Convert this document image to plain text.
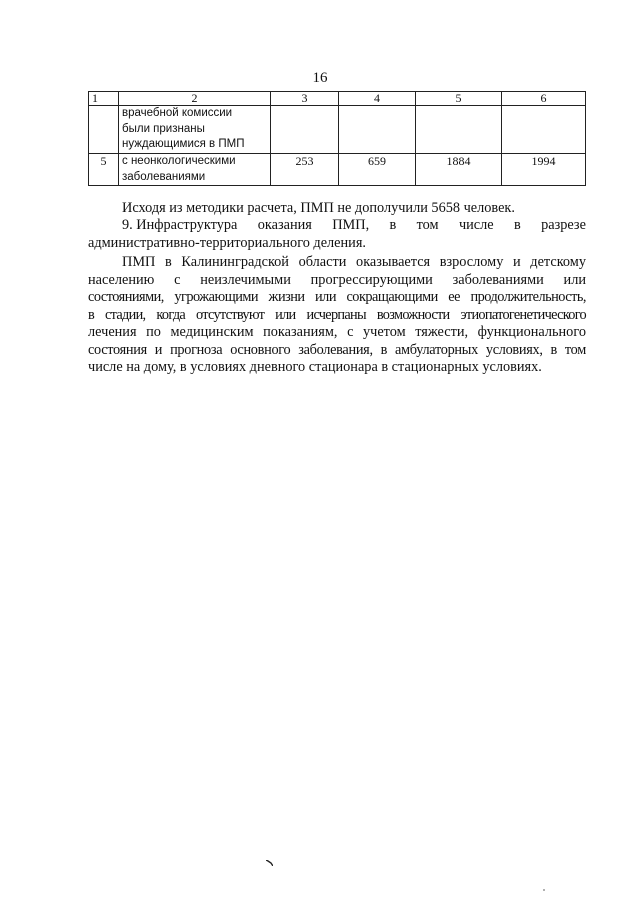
16
1	2	3	4	5	6

	врачебной комиссии
были признаны
нуждающимися в ПМП				

5	с неонкологическими
заболеваниями	253	659	1884	1994

Исходя из методики расчета, ПМП не дополучили 5658 человек.

9. Инфраструктура оказания ПМП, в том числе в разрезе
административно-территориального деления.
ПМП в Калининградской области оказывается взрослому и детскому
населению с неизлечимыми прогрессирующими заболеваниями или
состояниями, угрожающими жизни или сокращающими ее продолжительность,
в стадии, когда отсутствуют или исчерпаны возможности этиопатогенетического
лечения по медицинским показаниям, с учетом тяжести, функционального
состояния и прогноза основного заболевания, в амбулаторных условиях, в том
числе на дому, в условиях дневного стационара в стационарных условиях.
